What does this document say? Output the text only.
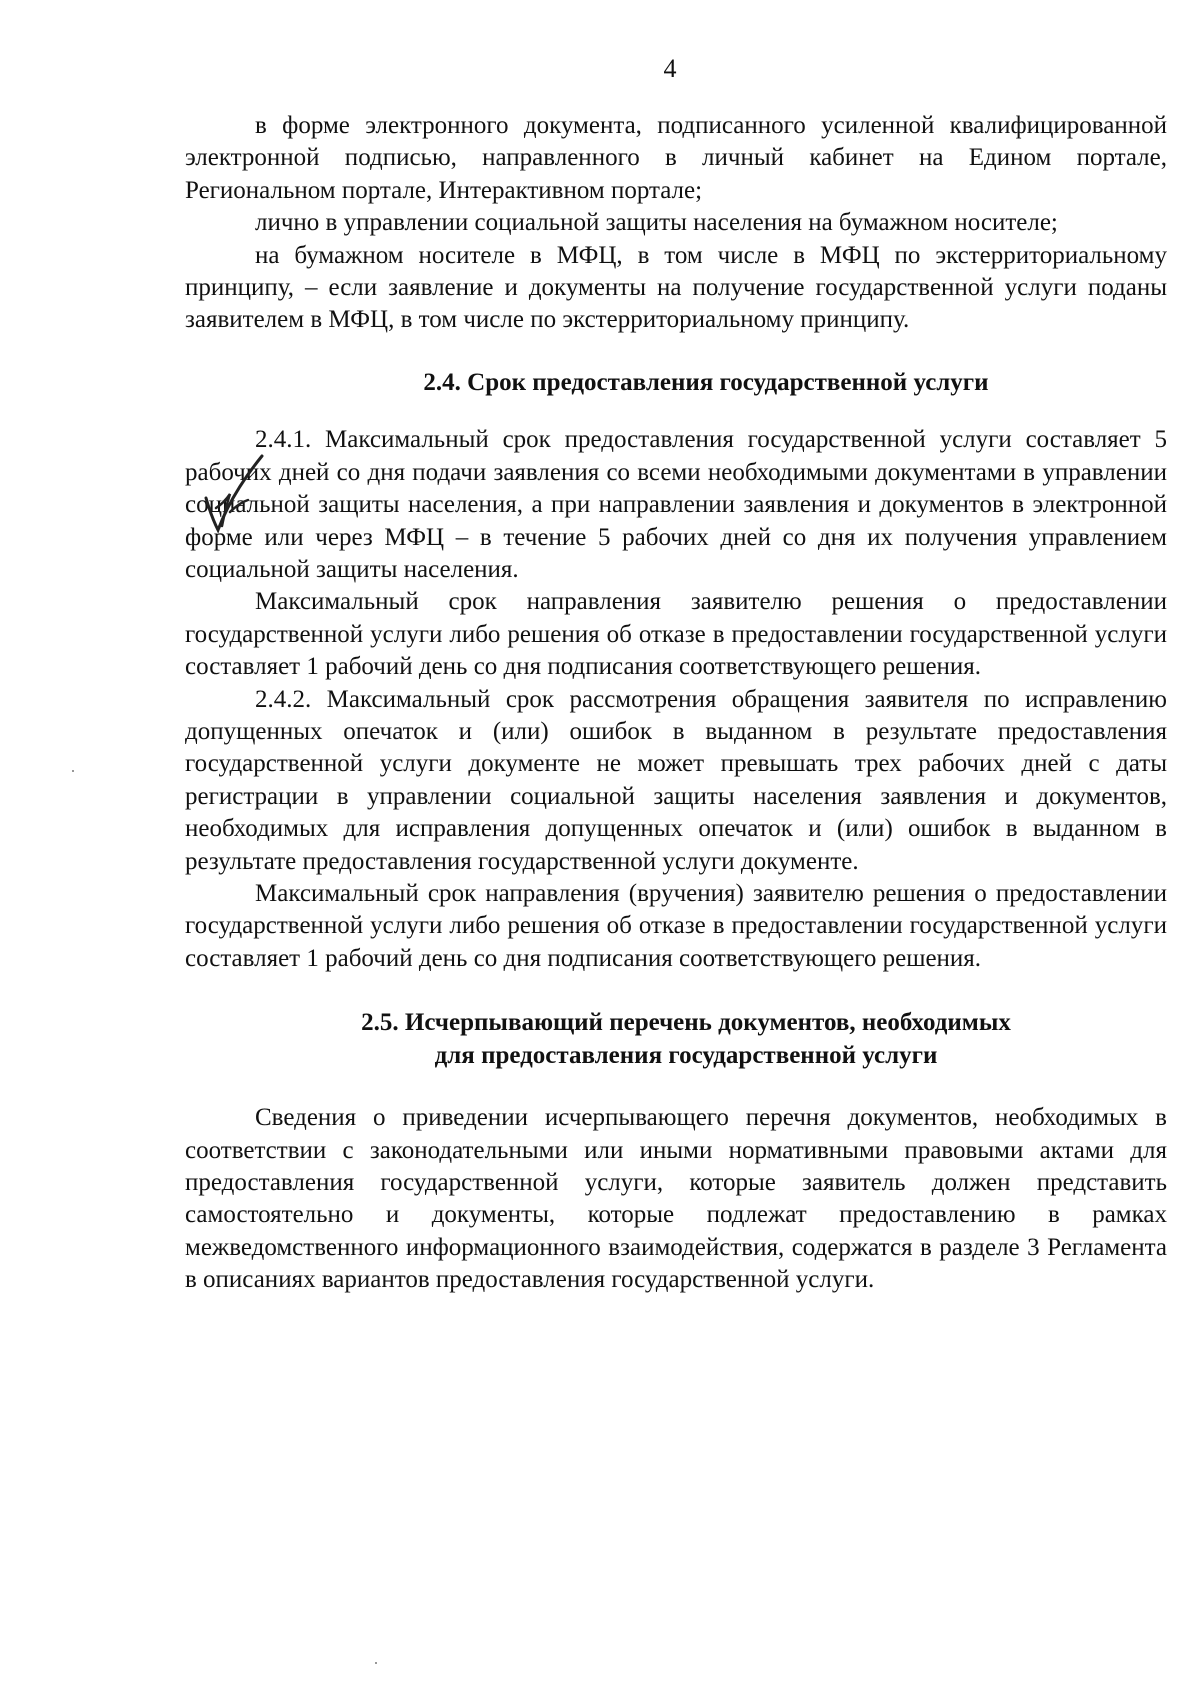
4

в форме электронного документа, подписанного усиленной квалифицированной электронной подписью, направленного в личный кабинет на Едином портале, Региональном портале, Интерактивном портале;

лично в управлении социальной защиты населения на бумажном носителе;

на бумажном носителе в МФЦ, в том числе в МФЦ по экстерриториальному принципу, – если заявление и документы на получение государственной услуги поданы заявителем в МФЦ, в том числе по экстерриториальному принципу.

2.4. Срок предоставления государственной услуги

2.4.1. Максимальный срок предоставления государственной услуги составляет 5 рабочих дней со дня подачи заявления со всеми необходимыми документами в управлении социальной защиты населения, а при направлении заявления и документов в электронной форме или через МФЦ – в течение 5 рабочих дней со дня их получения управлением социальной защиты населения.

Максимальный срок направления заявителю решения о предоставлении государственной услуги либо решения об отказе в предоставлении государственной услуги составляет 1 рабочий день со дня подписания соответствующего решения.

2.4.2. Максимальный срок рассмотрения обращения заявителя по исправлению допущенных опечаток и (или) ошибок в выданном в результате предоставления государственной услуги документе не может превышать трех рабочих дней с даты регистрации в управлении социальной защиты населения заявления и документов, необходимых для исправления допущенных опечаток и (или) ошибок в выданном в результате предоставления государственной услуги документе.

Максимальный срок направления (вручения) заявителю решения о предоставлении государственной услуги либо решения об отказе в предоставлении государственной услуги составляет 1 рабочий день со дня подписания соответствующего решения.

2.5. Исчерпывающий перечень документов, необходимых
для предоставления государственной услуги

Сведения о приведении исчерпывающего перечня документов, необходимых в соответствии с законодательными или иными нормативными правовыми актами для предоставления государственной услуги, которые заявитель должен представить самостоятельно и документы, которые подлежат предоставлению в рамках межведомственного информационного взаимодействия, содержатся в разделе 3 Регламента в описаниях вариантов предоставления государственной услуги.
